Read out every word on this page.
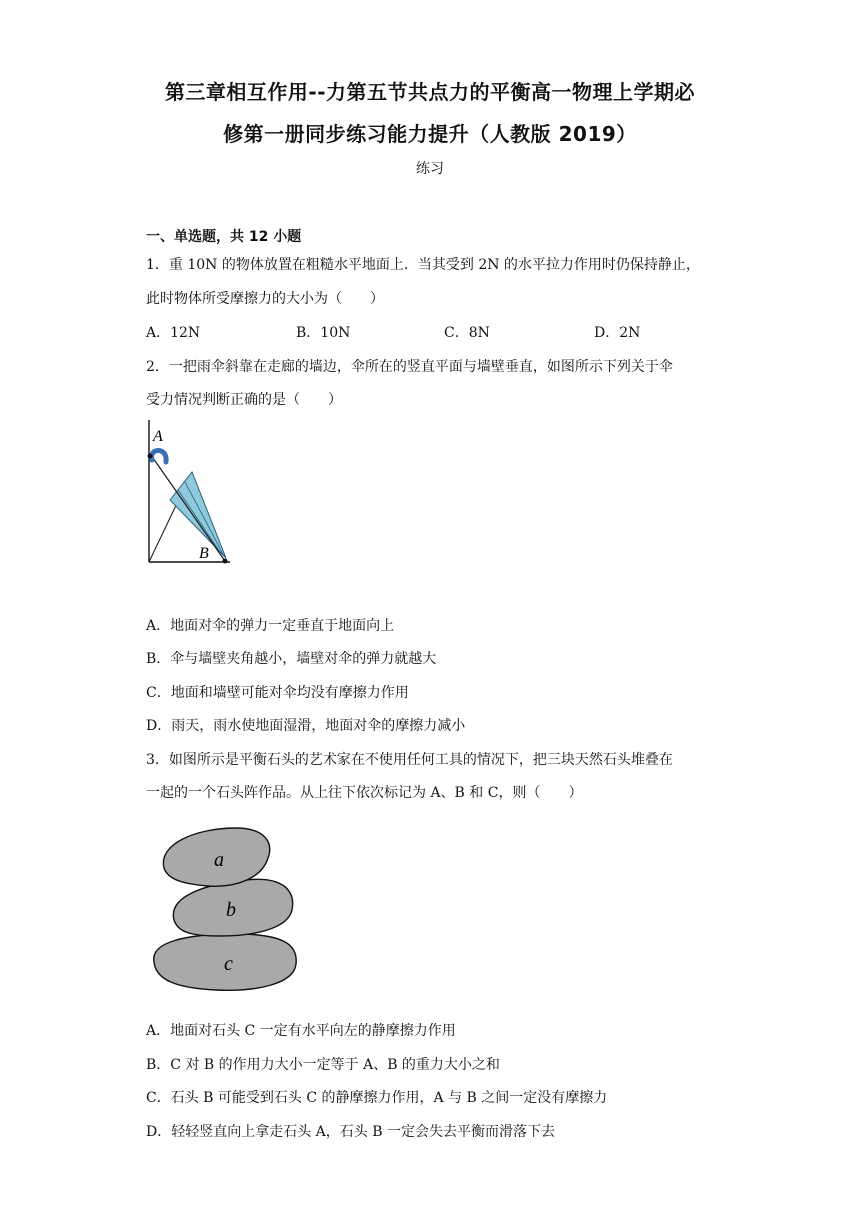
第三章相互作用--力第五节共点力的平衡高一物理上学期必
修第一册同步练习能力提升（人教版 2019）
练习
一、单选题，共 12 小题
1．重 10N 的物体放置在粗糙水平地面上．当其受到 2N 的水平拉力作用时仍保持静止，
此时物体所受摩擦力的大小为（　　）
A．12N	B．10N	C．8N	D．2N
2．一把雨伞斜靠在走廊的墙边，伞所在的竖直平面与墙壁垂直，如图所示下列关于伞
受力情况判断正确的是（　　）
A
B
A．地面对伞的弹力一定垂直于地面向上
B．伞与墙壁夹角越小，墙壁对伞的弹力就越大
C．地面和墙壁可能对伞均没有摩擦力作用
D．雨天，雨水使地面湿滑，地面对伞的摩擦力减小
3．如图所示是平衡石头的艺术家在不使用任何工具的情况下，把三块天然石头堆叠在
一起的一个石头阵作品。从上往下依次标记为 A、B 和 C，则（　　）
a
b
c
A．地面对石头 C 一定有水平向左的静摩擦力作用
B．C 对 B 的作用力大小一定等于 A、B 的重力大小之和
C．石头 B 可能受到石头 C 的静摩擦力作用，A 与 B 之间一定没有摩擦力
D．轻轻竖直向上拿走石头 A，石头 B 一定会失去平衡而滑落下去
